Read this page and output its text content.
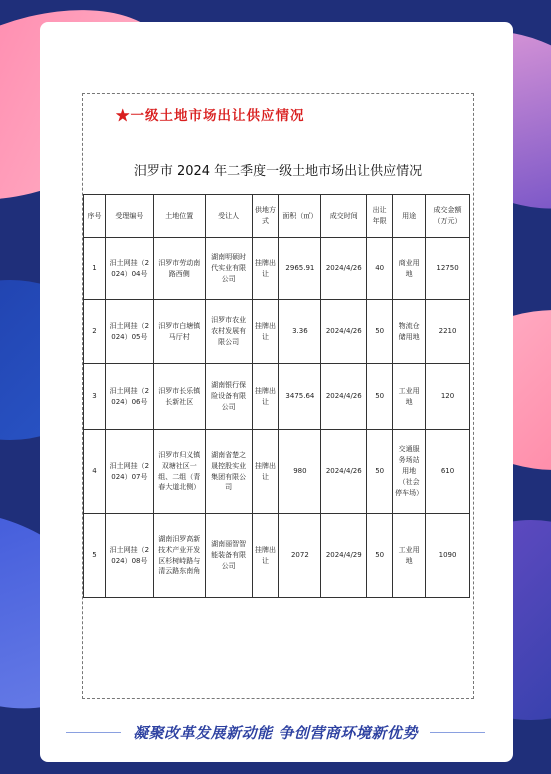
★一级土地市场出让供应情况
汨罗市 2024 年二季度一级土地市场出让供应情况
序号	受理编号	土地位置	受让人	供地方式	面积（㎡）	成交时间	出让年限	用途	成交金额（万元）
1	汨土网挂（2024）04号	汨罗市劳动南路西侧	湖南明硕时代实业有限公司	挂牌出让	2965.91	2024/4/26	40	商业用地	12750
2	汨土网挂（2024）05号	汨罗市白塘镇马厅村	汨罗市农业农村发展有限公司	挂牌出让	3.36	2024/4/26	50	物流仓储用地	2210
3	汨土网挂（2024）06号	汨罗市长乐镇长新社区	湖南银行保险设备有限公司	挂牌出让	3475.64	2024/4/26	50	工业用地	120
4	汨土网挂（2024）07号	汨罗市归义镇双塘社区一组、二组（青春大道北侧）	湖南省楚之晟控股实业集团有限公司	挂牌出让	980	2024/4/26	50	交通服务场站用地（社会停车场）	610
5	汨土网挂（2024）08号	湖南汨罗高新技术产业开发区杉树峙路与清云路东南角	湖南丽智智能装备有限公司	挂牌出让	2072	2024/4/29	50	工业用地	1090
凝聚改革发展新动能 争创营商环境新优势
